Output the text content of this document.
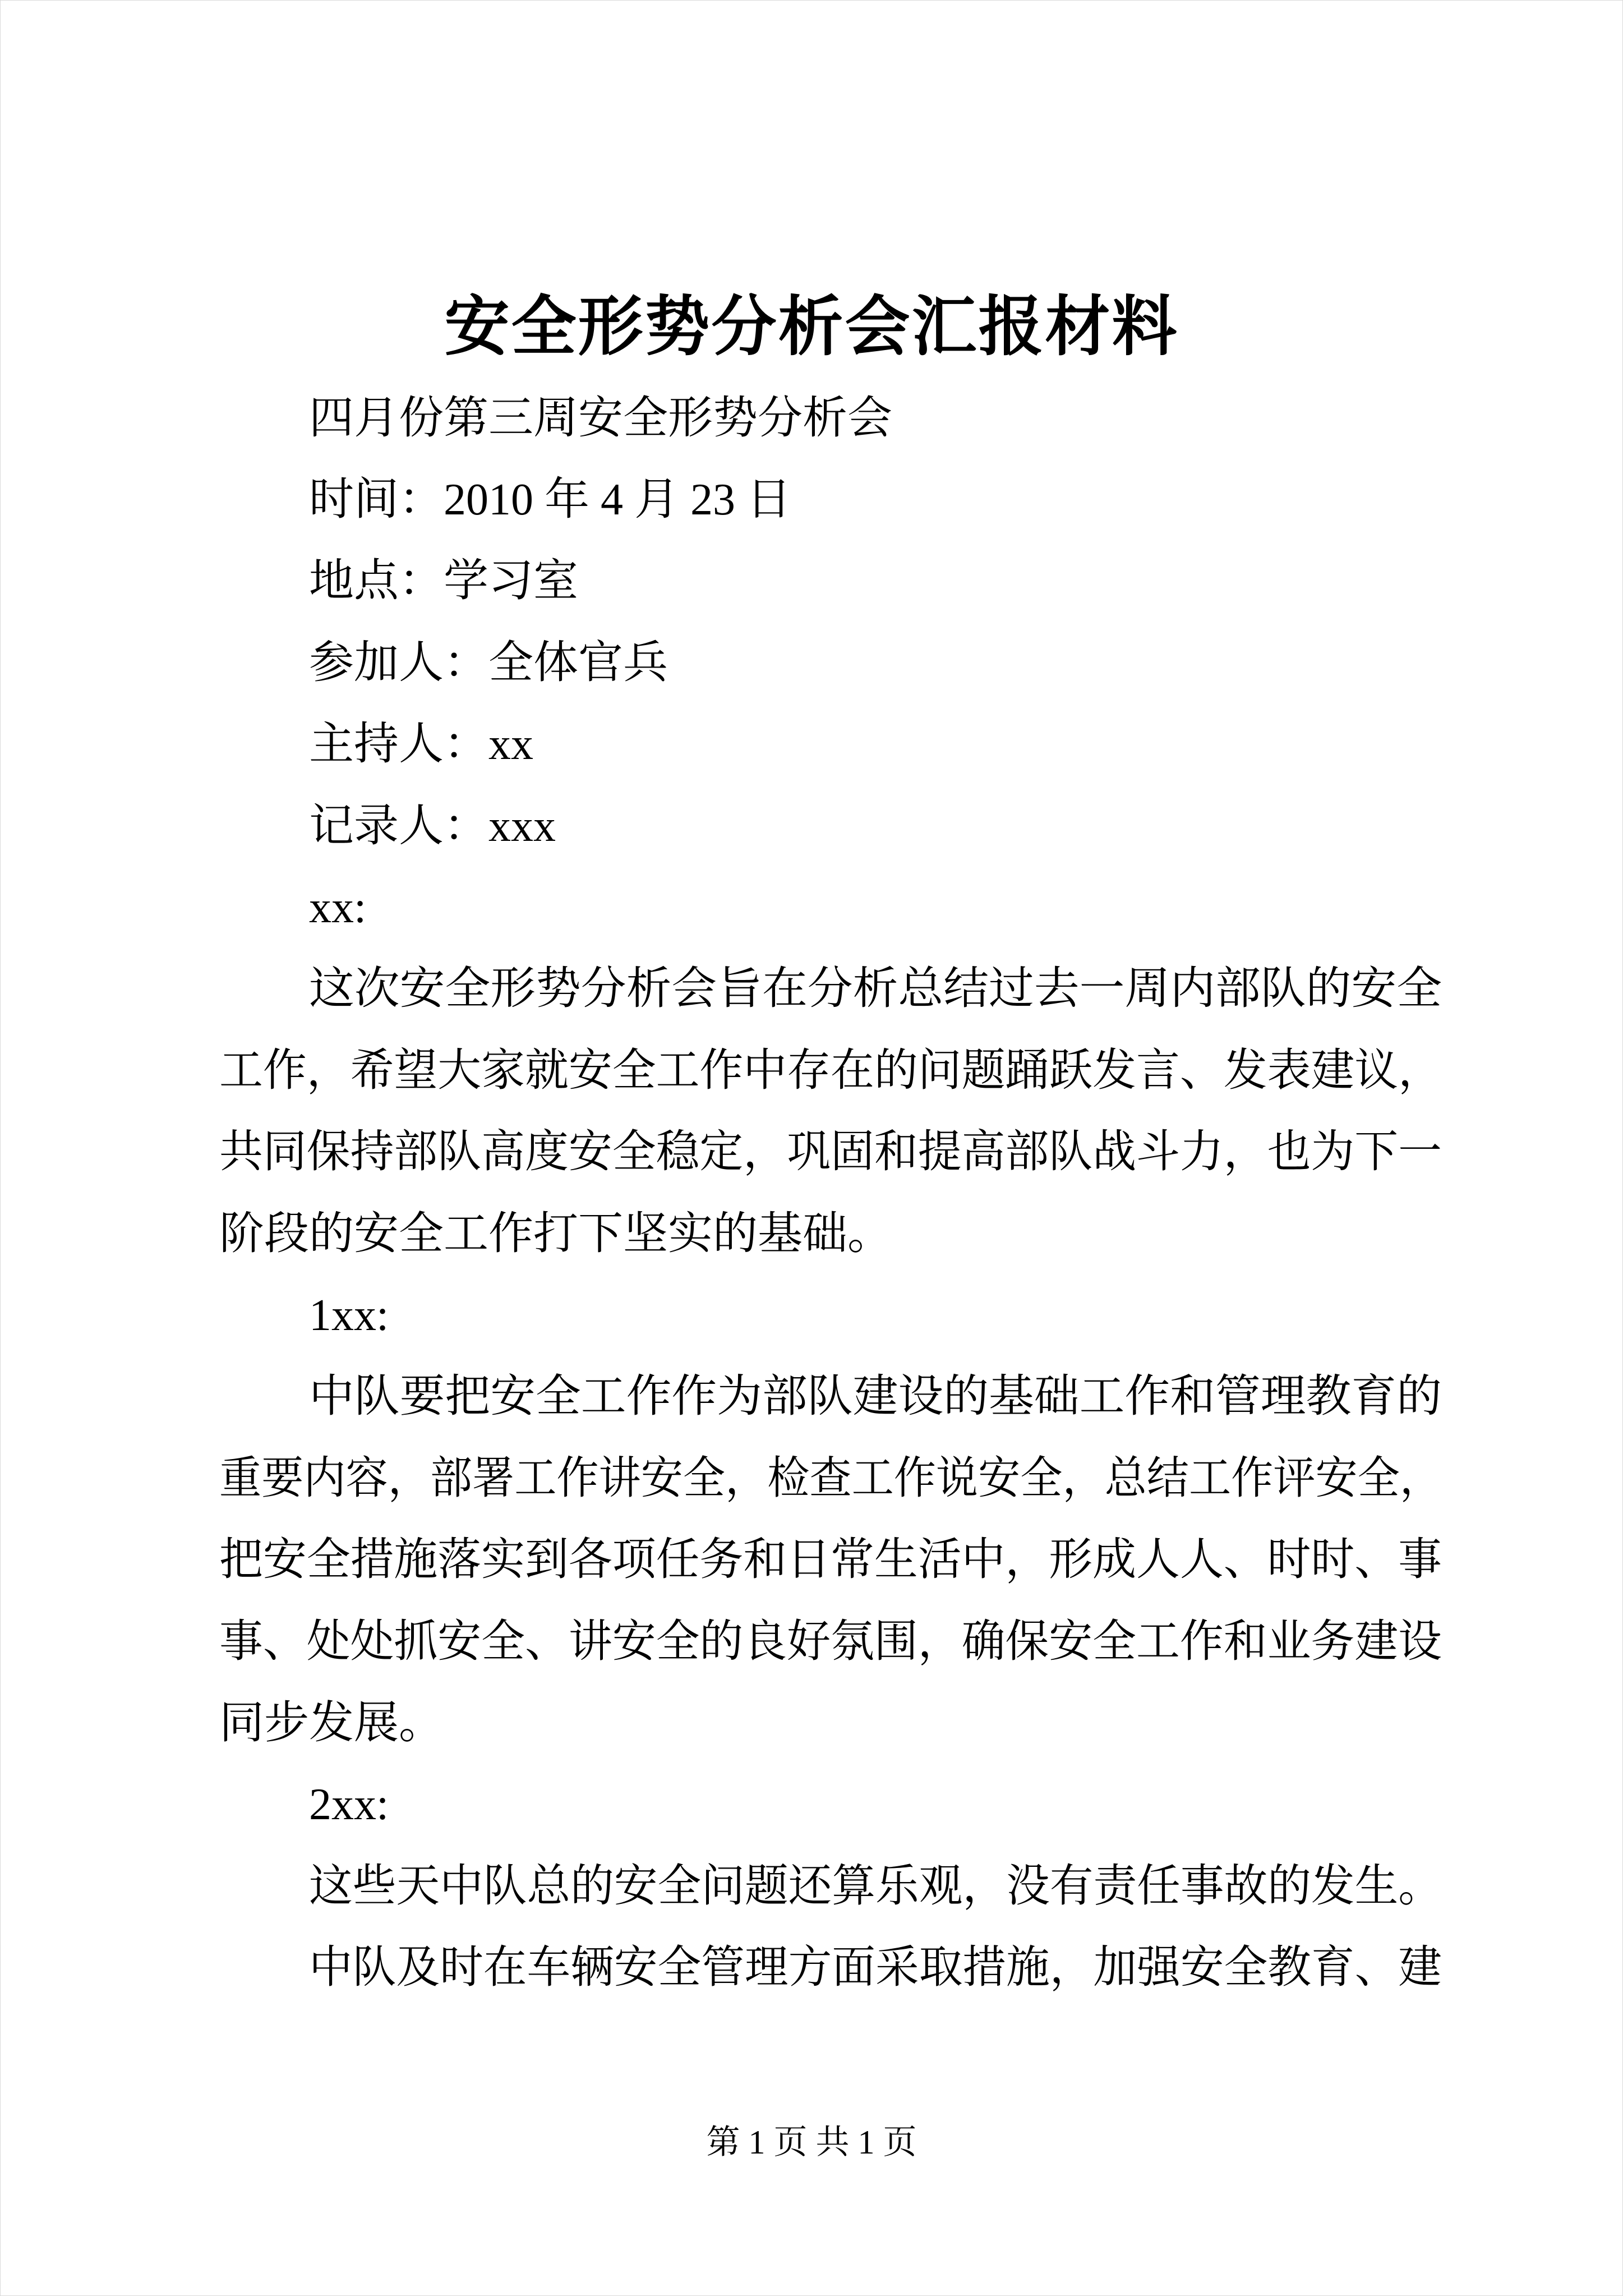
安全形势分析会汇报材料
四月份第三周安全形势分析会
时间：2010 年 4 月 23 日
地点：学习室
参加人：全体官兵
主持人：xx
记录人：xxx
xx:
这次安全形势分析会旨在分析总结过去一周内部队的安全
工作，希望大家就安全工作中存在的问题踊跃发言、发表建议，
共同保持部队高度安全稳定，巩固和提高部队战斗力，也为下一
阶段的安全工作打下坚实的基础。
1xx:
中队要把安全工作作为部队建设的基础工作和管理教育的
重要内容，部署工作讲安全，检查工作说安全，总结工作评安全，
把安全措施落实到各项任务和日常生活中，形成人人、时时、事
事、处处抓安全、讲安全的良好氛围，确保安全工作和业务建设
同步发展。
2xx:
这些天中队总的安全问题还算乐观，没有责任事故的发生。
中队及时在车辆安全管理方面采取措施，加强安全教育、建
第 1 页 共 1 页
